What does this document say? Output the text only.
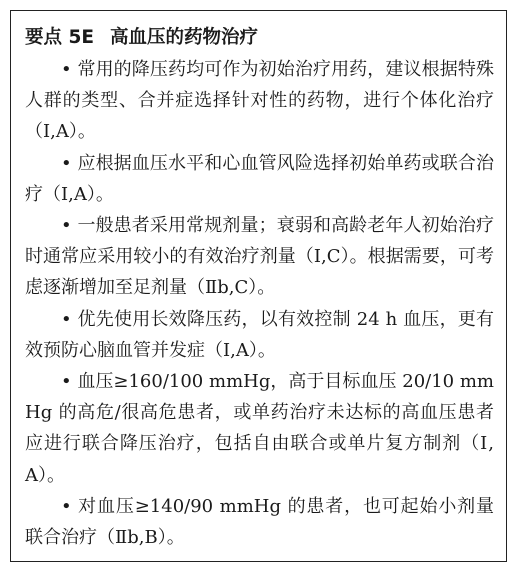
要点 5E 高血压的药物治疗

• 常用的降压药均可作为初始治疗用药，建议根据特殊人群的类型、合并症选择针对性的药物，进行个体化治疗（Ⅰ,A）。

• 应根据血压水平和心血管风险选择初始单药或联合治疗（Ⅰ,A）。

• 一般患者采用常规剂量；衰弱和高龄老年人初始治疗时通常应采用较小的有效治疗剂量（Ⅰ,C）。根据需要，可考虑逐渐增加至足剂量（Ⅱb,C）。

• 优先使用长效降压药，以有效控制 24 h 血压，更有效预防心脑血管并发症（Ⅰ,A）。

• 血压≥160/100 mmHg，高于目标血压 20/10 mmHg 的高危/很高危患者，或单药治疗未达标的高血压患者应进行联合降压治疗，包括自由联合或单片复方制剂（Ⅰ,A）。

• 对血压≥140/90 mmHg 的患者，也可起始小剂量联合治疗（Ⅱb,B）。
